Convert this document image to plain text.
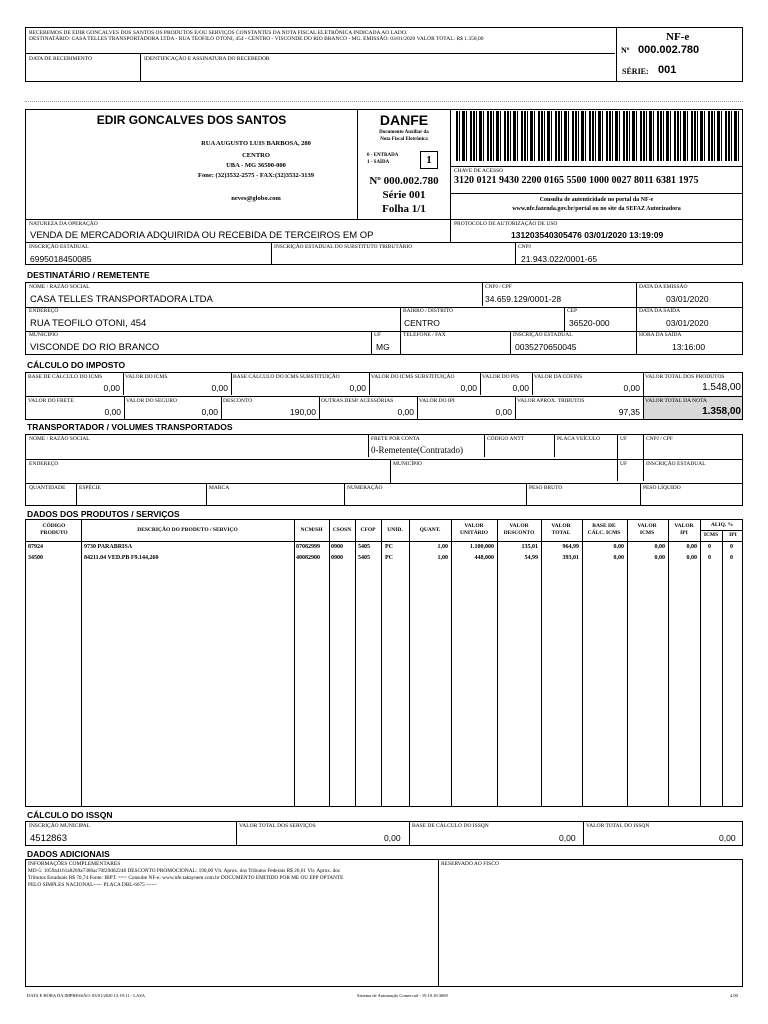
RECEBEMOS DE EDIR GONCALVES DOS SANTOS OS PRODUTOS E/OU SERVIÇOS CONSTANTES DA NOTA FISCAL ELETRÔNICA INDICADA AO LADO.
DESTINATÁRIO: CASA TELLES TRANSPORTADORA LTDA - RUA TEOFILO OTONI, 454 - CENTRO - VISCONDE DO RIO BRANCO - MG. EMISSÃO: 03/01/2020 VALOR TOTAL: R$ 1.358,00
DATA DE RECEBIMENTO	IDENTIFICAÇÃO E ASSINATURA DO RECEBEDOR
NF-e
Nº 000.002.780
SÉRIE: 001
EDIR GONCALVES DOS SANTOS
RUA AUGUSTO LUIS BARBOSA, 280
CENTRO
UBA - MG 36500-000
Fone: (32)3532-2575 - FAX:(32)3532-3139
neves@globo.com
DANFE
Documento Auxiliar da
Nota Fiscal Eletrônica
0 - ENTRADA
1 - SAÍDA	1
Nº 000.002.780
Série 001
Folha 1/1
CHAVE DE ACESSO
3120 0121 9430 2200 0165 5500 1000 0027 8011 6381 1975
Consulta de autenticidade no portal da NF-e
www.nfe.fazenda.gov.br/portal ou no site da SEFAZ Autorizadora
NATUREZA DA OPERAÇÃO
VENDA DE MERCADORIA ADQUIRIDA OU RECEBIDA DE TERCEIROS EM OP
PROTOCOLO DE AUTORIZAÇÃO DE USO
131203540305476 03/01/2020 13:19:09
INSCRIÇÃO ESTADUAL
6995018450085
INSCRIÇÃO ESTADUAL DO SUBSTITUTO TRIBUTÁRIO	CNPJ
21.943.022/0001-65
DESTINATÁRIO / REMETENTE
NOME / RAZÃO SOCIAL
CASA TELLES TRANSPORTADORA LTDA
CNPJ / CPF
34.659.129/0001-28
DATA DA EMISSÃO
03/01/2020
ENDEREÇO
RUA TEOFILO OTONI, 454
BAIRRO / DISTRITO
CENTRO
CEP
36520-000
DATA DA SAÍDA
03/01/2020
MUNICÍPIO
VISCONDE DO RIO BRANCO
UF
MG
TELEFONE / FAX	INSCRIÇÃO ESTADUAL
0035270650045
HORA DA SAÍDA
13:16:00
CÁLCULO DO IMPOSTO
BASE DE CÁLCULO DO ICMS
0,00
VALOR DO ICMS
0,00
BASE CÁLCULO DO ICMS SUBSTITUIÇÃO
0,00
VALOR DO ICMS SUBSTITUIÇÃO
0,00
VALOR DO PIS
0,00
VALOR DA COFINS
0,00
VALOR TOTAL DOS PRODUTOS
1.548,00
VALOR DO FRETE
0,00
VALOR DO SEGURO
0,00
DESCONTO
190,00
OUTRAS DESP. ACESSÓRIAS
0,00
VALOR DO IPI
0,00
VALOR APROX. TRIBUTOS
97,35
VALOR TOTAL DA NOTA
1.358,00
TRANSPORTADOR / VOLUMES TRANSPORTADOS
NOME / RAZÃO SOCIAL	FRETE POR CONTA
0-Remetente(Contratado)
CÓDIGO ANTT	PLACA VEÍCULO	UF	CNPJ / CPF
ENDEREÇO	MUNICÍPIO	UF	INSCRIÇÃO ESTADUAL
QUANTIDADE ESPÉCIE	MARCA	NUMERAÇÃO	PESO BRUTO	PESO LÍQUIDO
DADOS DOS PRODUTOS / SERVIÇOS
CÓDIGO PRODUTO	DESCRIÇÃO DO PRODUTO / SERVIÇO	NCM/SH	CSOSN	CFOP	UNID.	QUANT.
VALOR UNITÁRIO
VALOR DESCONTO
VALOR TOTAL
BASE DE CÁLC. ICMS
VALOR ICMS
VALOR IPI
ALIQ. %
ICMS	IPI
87924	9730 PARABRISA	87082999 0900	5405	PC	1,00	1.100,000	135,01	964,99	0,00	0,00	0,00	0	0
34500	84211.04 VED.PB F9.144,260	40082900 0900	5405	PC	1,00	448,000	54,99	393,01	0,00	0,00	0,00	0	0
CÁLCULO DO ISSQN
INSCRIÇÃO MUNICIPAL
4512863
VALOR TOTAL DOS SERVIÇOS
0,00
BASE DE CÁLCULO DO ISSQN
0,00
VALOR TOTAL DO ISSQN
0,00
DADOS ADICIONAIS
INFORMAÇÕES COMPLEMENTARES
MD-5: 1059a4161a8269a7380ac70f29d62248 DESCONTO PROMOCIONAL: 190,00 Vlr. Aprox. dos Tributos Federais R$ 26,61 Vlr. Aprox. dos
Tributos Estaduais R$ 70,74 Fonte: IBPT. ==> Consulte NF-e: www.nfe.takaynem.com.br DOCUMENTO EMITIDO POR ME OU EPP OPTANTE
PELO SIMPLES NACIONAL----- PLACA DBL-6675 ------
RESERVADO AO FISCO
DATA E HORA DA IMPRESSÃO: 03/01/2020 13:19:11 - LASA	Sistema de Automação Comercial - 19.10.18.3069	4.00
